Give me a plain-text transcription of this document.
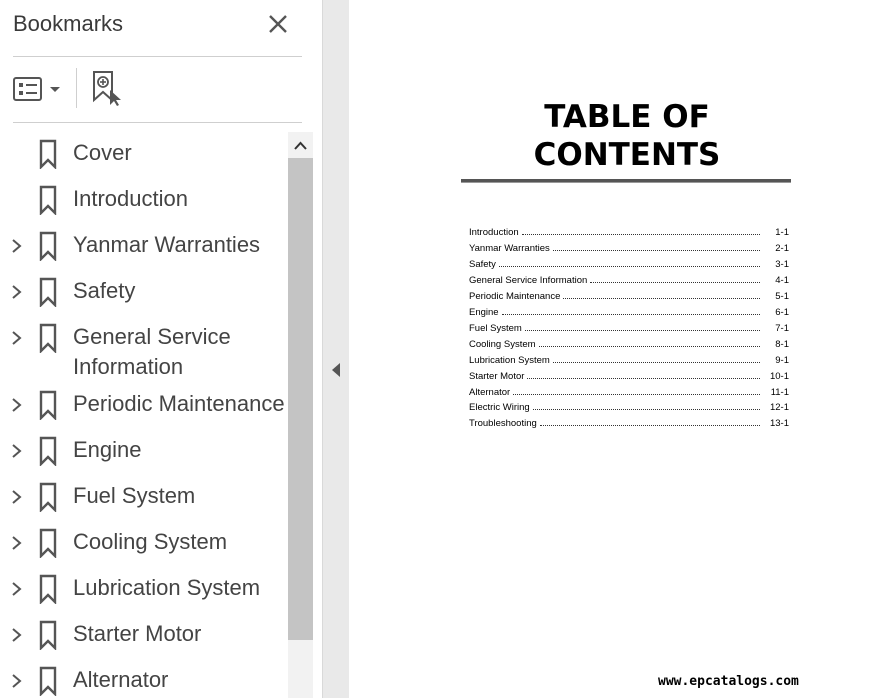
Bookmarks
Cover
Introduction
Yanmar Warranties
Safety
General Service
Information
Periodic Maintenance
Engine
Fuel System
Cooling System
Lubrication System
Starter Motor
Alternator
TABLE OF
CONTENTS
Introduction	1-1
Yanmar Warranties	2-1
Safety	3-1
General Service Information	4-1
Periodic Maintenance	5-1
Engine	6-1
Fuel System	7-1
Cooling System	8-1
Lubrication System	9-1
Starter Motor	10-1
Alternator	11-1
Electric Wiring	12-1
Troubleshooting	13-1
www.epcatalogs.com
